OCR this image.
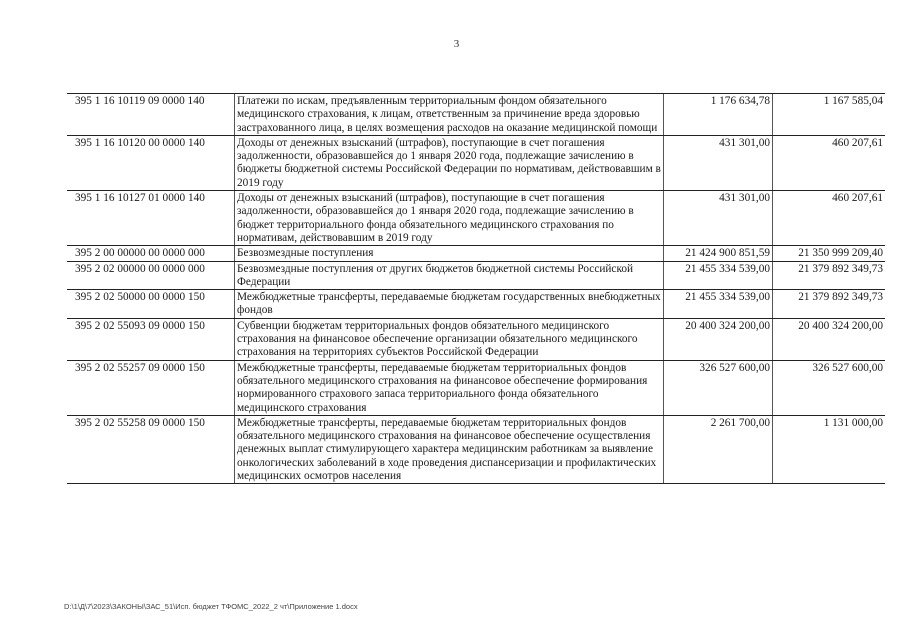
3
395 1 16 10119 09 0000 140	Платежи по искам, предъявленным территориальным фондом обязательного медицинского страхования, к лицам, ответственным за причинение вреда здоровью застрахованного лица, в целях возмещения расходов на оказание медицинской помощи	1 176 634,78	1 167 585,04
395 1 16 10120 00 0000 140	Доходы от денежных взысканий (штрафов), поступающие в счет погашения задолженности, образовавшейся до 1 января 2020 года, подлежащие зачислению в бюджеты бюджетной системы Российской Федерации по нормативам, действовавшим в 2019 году	431 301,00	460 207,61
395 1 16 10127 01 0000 140	Доходы от денежных взысканий (штрафов), поступающие в счет погашения задолженности, образовавшейся до 1 января 2020 года, подлежащие зачислению в бюджет территориального фонда обязательного медицинского страхования по нормативам, действовавшим в 2019 году	431 301,00	460 207,61
395 2 00 00000 00 0000 000	Безвозмездные поступления	21 424 900 851,59	21 350 999 209,40
395 2 02 00000 00 0000 000	Безвозмездные поступления от других бюджетов бюджетной системы Российской Федерации	21 455 334 539,00	21 379 892 349,73
395 2 02 50000 00 0000 150	Межбюджетные трансферты, передаваемые бюджетам государственных внебюджетных фондов	21 455 334 539,00	21 379 892 349,73
395 2 02 55093 09 0000 150	Субвенции бюджетам территориальных фондов обязательного медицинского страхования на финансовое обеспечение организации обязательного медицинского страхования на территориях субъектов Российской Федерации	20 400 324 200,00	20 400 324 200,00
395 2 02 55257 09 0000 150	Межбюджетные трансферты, передаваемые бюджетам территориальных фондов обязательного медицинского страхования на финансовое обеспечение формирования нормированного страхового запаса территориального фонда обязательного медицинского страхования	326 527 600,00	326 527 600,00
395 2 02 55258 09 0000 150	Межбюджетные трансферты, передаваемые бюджетам территориальных фондов обязательного медицинского страхования на финансовое обеспечение осуществления денежных выплат стимулирующего характера медицинским работникам за выявление онкологических заболеваний в ходе проведения диспансеризации и профилактических медицинских осмотров населения	2 261 700,00	1 131 000,00
D:\1\Д\7\2023\ЗАКОНЫ\ЗАС_51\Исп. бюджет ТФОМС_2022_2 чт\Приложение 1.docx
